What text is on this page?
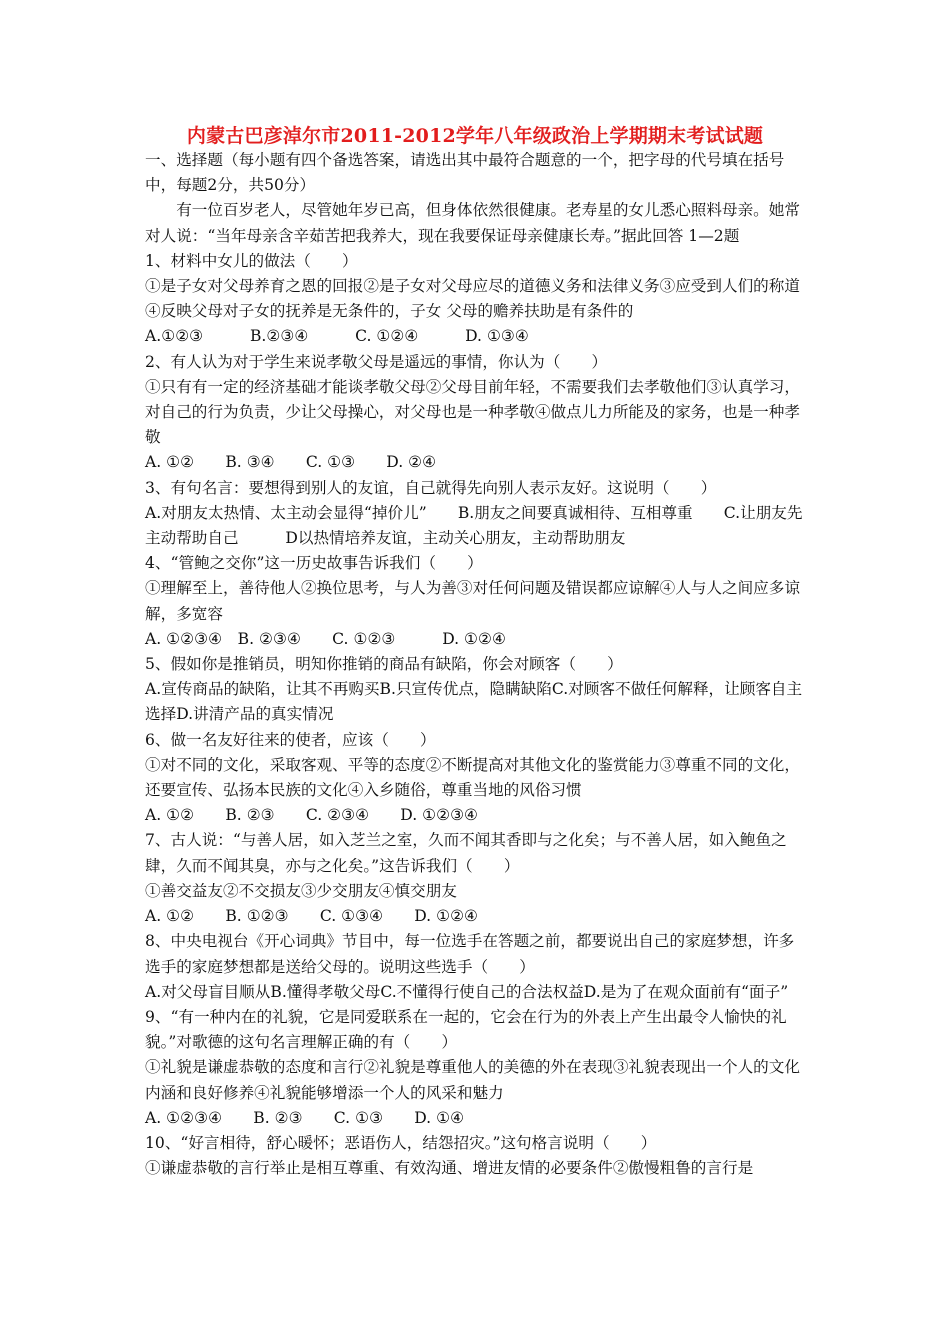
内蒙古巴彦淖尔市2011-2012学年八年级政治上学期期末考试试题

一、选择题（每小题有四个备选答案，请选出其中最符合题意的一个，把字母的代号填在括号中，每题2分，共50分）

有一位百岁老人，尽管她年岁已高，但身体依然很健康。老寿星的女儿悉心照料母亲。她常对人说：“当年母亲含辛茹苦把我养大，现在我要保证母亲健康长寿。”据此回答 1—2题

1、材料中女儿的做法（　　）

①是子女对父母养育之恩的回报②是子女对父母应尽的道德义务和法律义务③应受到人们的称道④反映父母对子女的抚养是无条件的，子女 父母的赡养扶助是有条件的

A.①②③　　　B.②③④　　　C. ①②④　　　D. ①③④

2、有人认为对于学生来说孝敬父母是遥远的事情，你认为（　　）

①只有有一定的经济基础才能谈孝敬父母②父母目前年轻，不需要我们去孝敬他们③认真学习，对自己的行为负责，少让父母操心，对父母也是一种孝敬④做点儿力所能及的家务，也是一种孝敬

A. ①②　　B. ③④　　C. ①③　　D. ②④

3、有句名言：要想得到别人的友谊，自己就得先向别人表示友好。这说明（　　）

A.对朋友太热情、太主动会显得“掉价儿”　　B.朋友之间要真诚相待、互相尊重　　C.让朋友先主动帮助自己　　　D以热情培养友谊，主动关心朋友，主动帮助朋友

4、“管鲍之交你”这一历史故事告诉我们（　　）

①理解至上，善待他人②换位思考，与人为善③对任何问题及错误都应谅解④人与人之间应多谅解，多宽容

A. ①②③④　B. ②③④　　C. ①②③　　　D. ①②④

5、假如你是推销员，明知你推销的商品有缺陷，你会对顾客（　　）

A.宣传商品的缺陷，让其不再购买B.只宣传优点，隐瞒缺陷C.对顾客不做任何解释，让顾客自主选择D.讲清产品的真实情况

6、做一名友好往来的使者，应该（　　）

①对不同的文化，采取客观、平等的态度②不断提高对其他文化的鉴赏能力③尊重不同的文化，还要宣传、弘扬本民族的文化④入乡随俗，尊重当地的风俗习惯

A. ①②　　B. ②③　　C. ②③④　　D. ①②③④

7、古人说：“与善人居，如入芝兰之室，久而不闻其香即与之化矣；与不善人居，如入鲍鱼之肆，久而不闻其臭，亦与之化矣。”这告诉我们（　　）

①善交益友②不交损友③少交朋友④慎交朋友

A. ①②　　B. ①②③　　C. ①③④　　D. ①②④

8、中央电视台《开心词典》节目中，每一位选手在答题之前，都要说出自己的家庭梦想，许多选手的家庭梦想都是送给父母的。说明这些选手（　　）

A.对父母盲目顺从B.懂得孝敬父母C.不懂得行使自己的合法权益D.是为了在观众面前有“面子”

9、“有一种内在的礼貌，它是同爱联系在一起的，它会在行为的外表上产生出最令人愉快的礼貌。”对歌德的这句名言理解正确的有（　　）

①礼貌是谦虚恭敬的态度和言行②礼貌是尊重他人的美德的外在表现③礼貌表现出一个人的文化内涵和良好修养④礼貌能够增添一个人的风采和魅力

A. ①②③④　　B. ②③　　C. ①③　　D. ①④

10、“好言相待，舒心暖怀；恶语伤人，结怨招灾。”这句格言说明（　　）

①谦虚恭敬的言行举止是相互尊重、有效沟通、增进友情的必要条件②傲慢粗鲁的言行是
